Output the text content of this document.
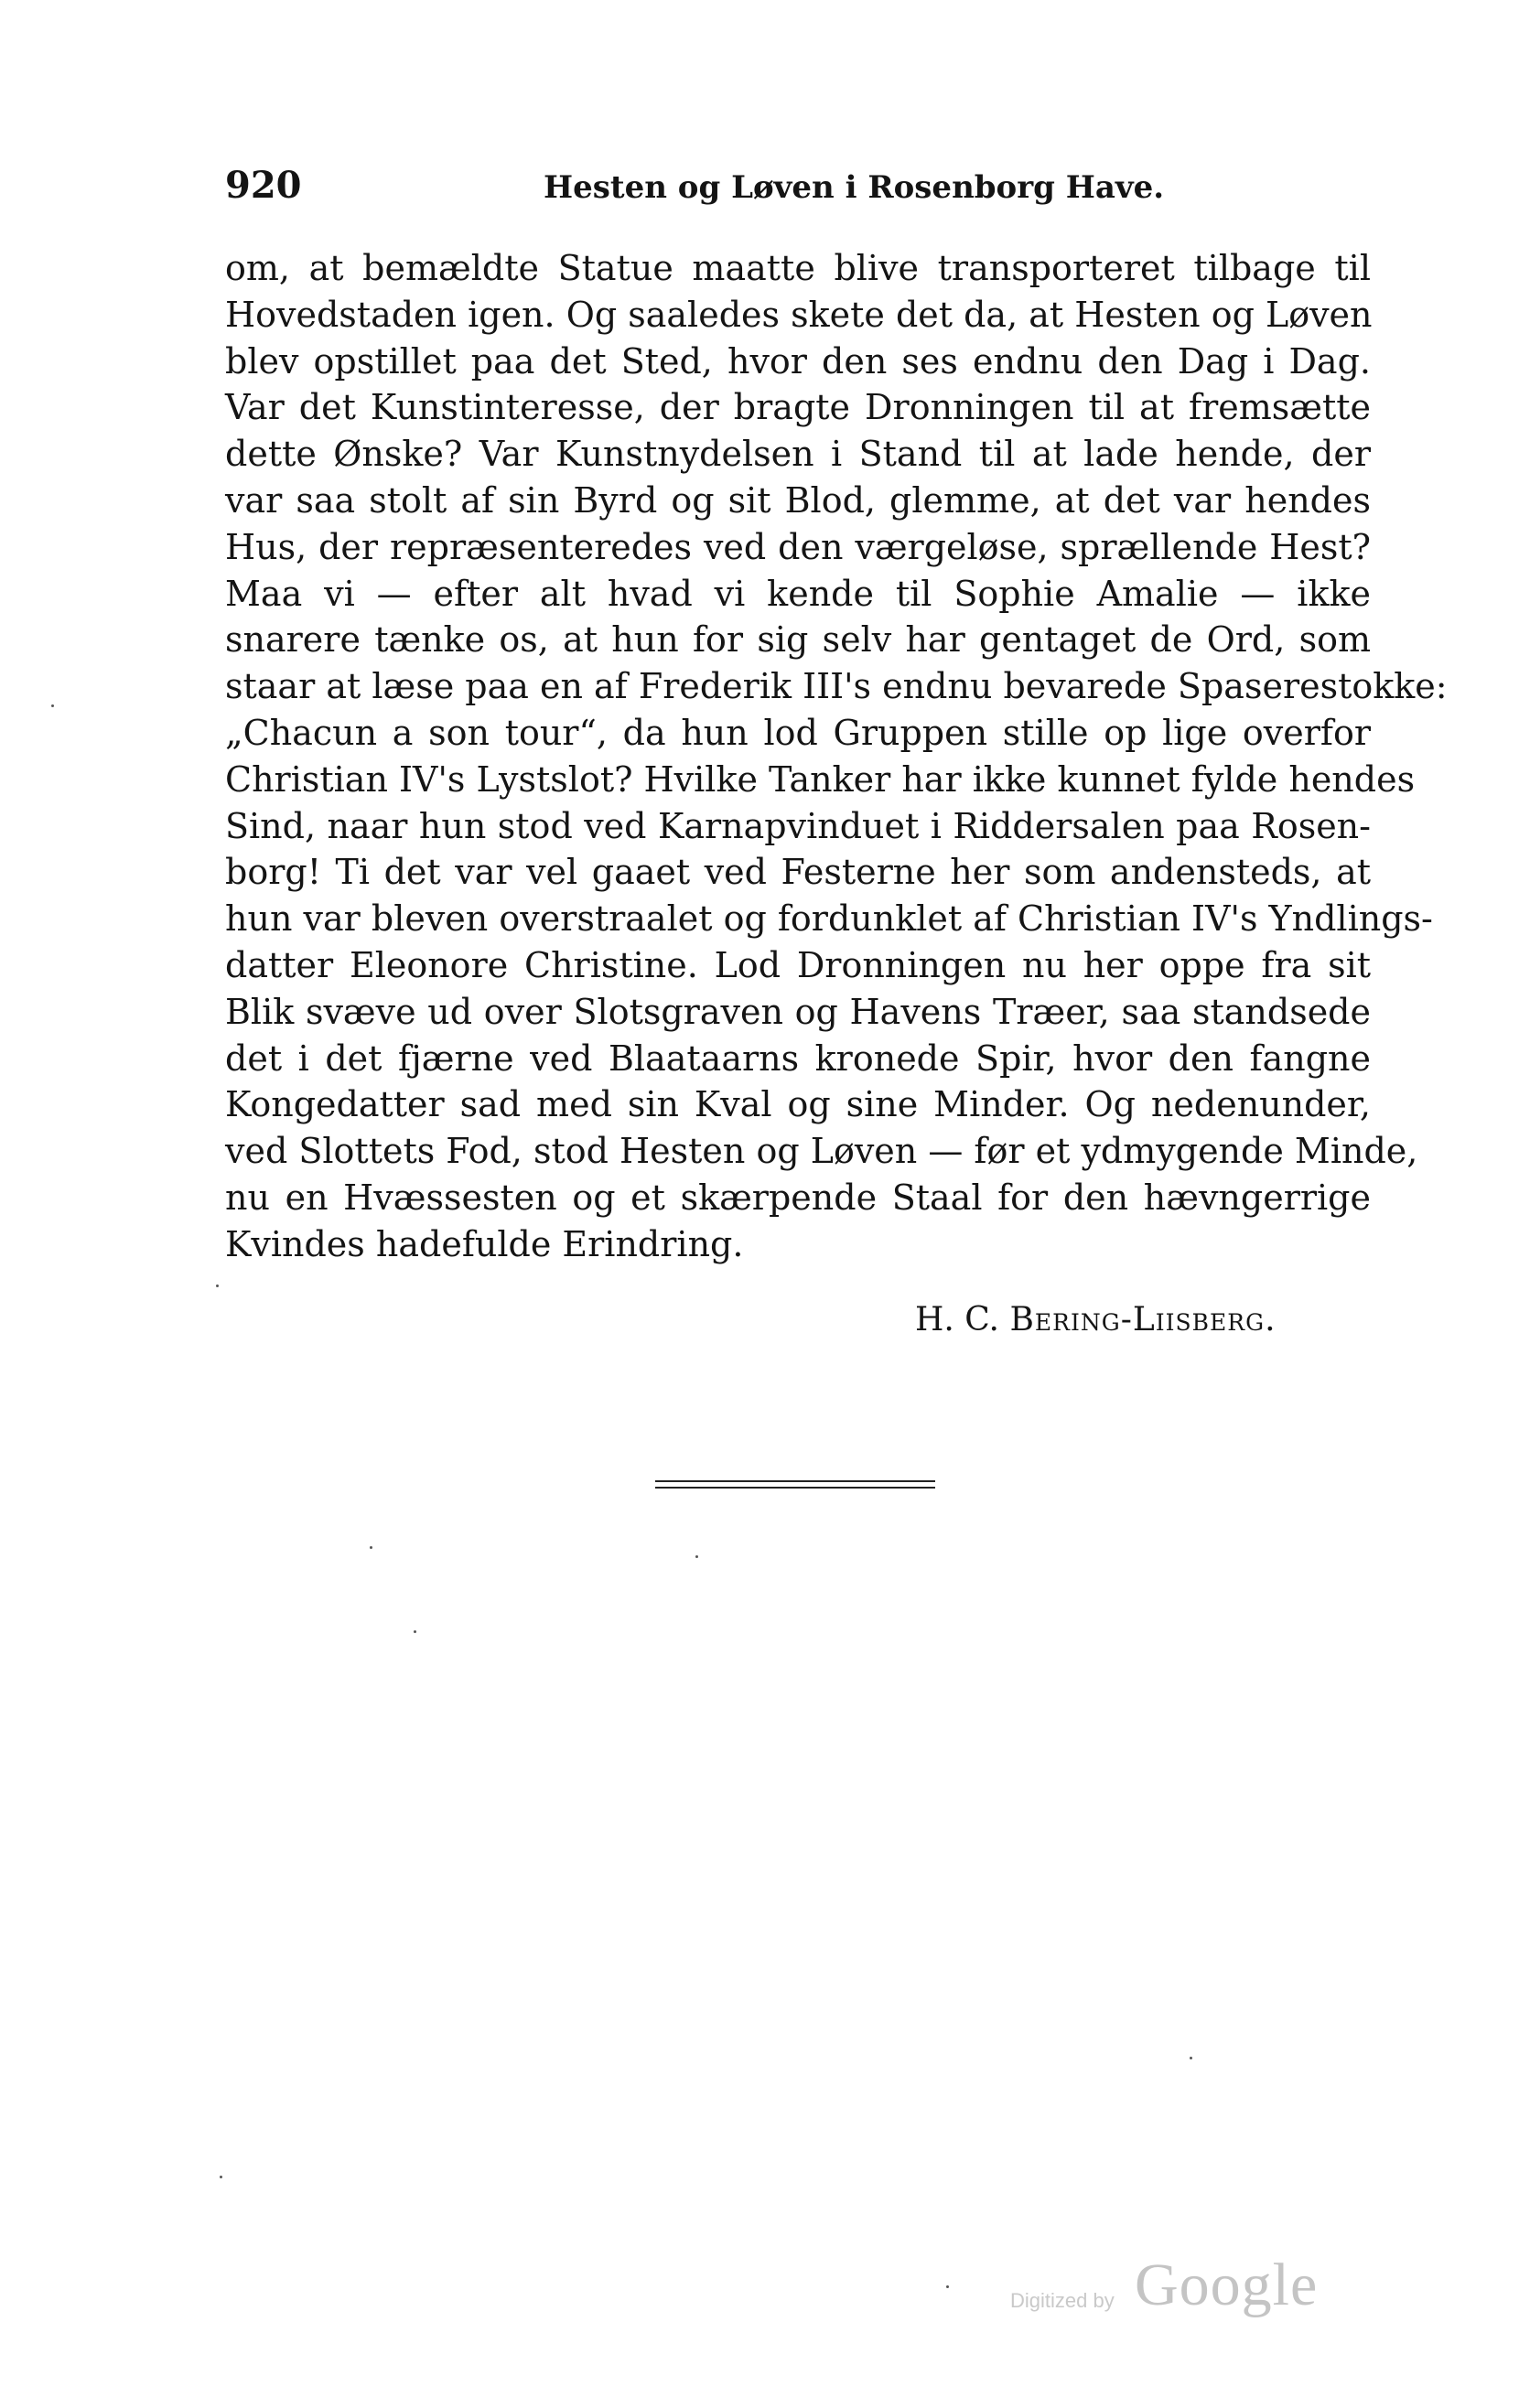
920	Hesten og Løven i Rosenborg Have.
om, at bemældte Statue maatte blive transporteret tilbage til
Hovedstaden igen. Og saaledes skete det da, at Hesten og Løven
blev opstillet paa det Sted, hvor den ses endnu den Dag i Dag.
Var det Kunstinteresse, der bragte Dronningen til at fremsætte
dette Ønske? Var Kunstnydelsen i Stand til at lade hende, der
var saa stolt af sin Byrd og sit Blod, glemme, at det var hendes
Hus, der repræsenteredes ved den værgeløse, sprællende Hest?
Maa vi — efter alt hvad vi kende til Sophie Amalie — ikke
snarere tænke os, at hun for sig selv har gentaget de Ord, som
staar at læse paa en af Frederik III's endnu bevarede Spaserestokke:
„Chacun a son tour“, da hun lod Gruppen stille op lige overfor
Christian IV's Lystslot? Hvilke Tanker har ikke kunnet fylde hendes
Sind, naar hun stod ved Karnapvinduet i Riddersalen paa Rosen-
borg! Ti det var vel gaaet ved Festerne her som andensteds, at
hun var bleven overstraalet og fordunklet af Christian IV's Yndlings-
datter Eleonore Christine. Lod Dronningen nu her oppe fra sit
Blik svæve ud over Slotsgraven og Havens Træer, saa standsede
det i det fjærne ved Blaataarns kronede Spir, hvor den fangne
Kongedatter sad med sin Kval og sine Minder. Og nedenunder,
ved Slottets Fod, stod Hesten og Løven — før et ydmygende Minde,
nu en Hvæssesten og et skærpende Staal for den hævngerrige
Kvindes hadefulde Erindring.
H. C. Bering-Liisberg.
Digitized by Google
